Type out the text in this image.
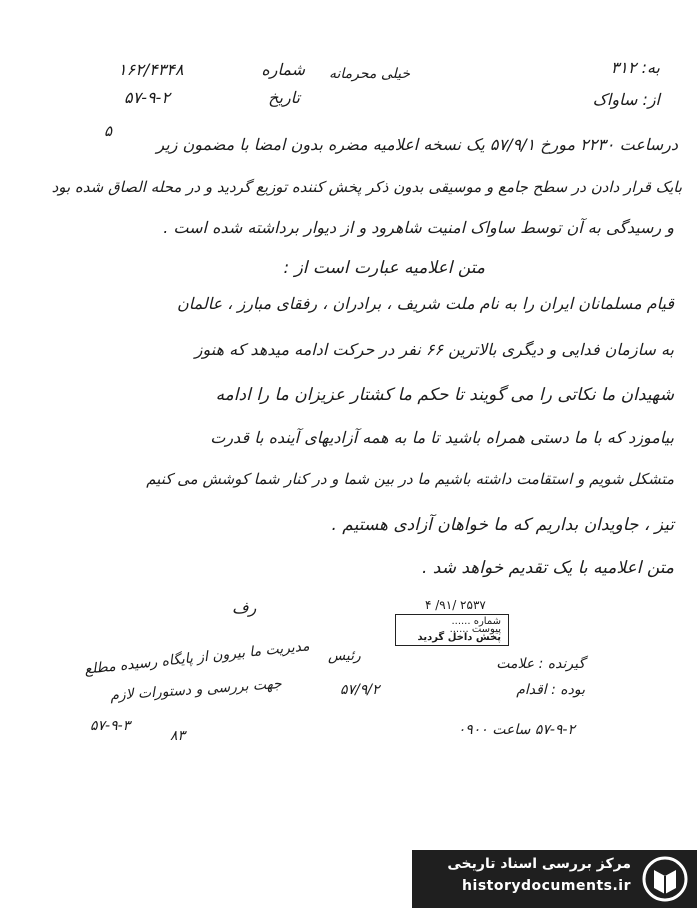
به: ۳۱۲
از: ساواک
خیلی محرمانه
شماره
۱۶۲/۴۳۴۸
تاریخ
۵۷-۹-۲
۵
درساعت ۲۲۳۰ مورخ ۵۷/۹/۱ یک نسخه اعلامیه مضره بدون امضا با مضمون زیر
بایک قرار دادن در سطح جامع و موسیقی بدون ذکر پخش کننده توزیع گردید و در محله الصاق شده بود
و رسیدگی به آن توسط ساواک امنیت شاهرود و از دیوار برداشته شده است .
متن اعلامیه عبارت است از :
قیام مسلمانان ایران را به نام ملت شریف ، برادران ، رفقای مبارز ، عالمان
به سازمان فدایی و دیگری بالاترین ۶۶ نفر در حرکت ادامه میدهد که هنوز
شهیدان ما نکاتی را می گویند تا حکم ما کشتار عزیزان ما را ادامه
بیاموزد که با ما دستی همراه باشید تا ما به همه آزادیهای آینده با قدرت
متشکل شویم و استقامت داشته باشیم ما در بین شما و در کنار شما کوشش می کنیم
تیز ، جاویدان بداریم که ما خواهان آزادی هستیم .
متن اعلامیه با یک تقدیم خواهد شد .
رف	۴ /۹۱/ ۲۵۳۷
شماره ......
پیوست ......
پخش داخل گردید
مدیریت ما بیرون از پایگاه رسیده مطلع
جهت بررسی و دستورات لازم
۵۷-۹-۳
۸۳
رئیس
۵۷/۹/۲
گیرنده : علامت
بوده : اقدام
۵۷-۹-۲ ساعت ۰۹۰۰
مرکز بررسی اسناد تاریخی
historydocuments.ir
